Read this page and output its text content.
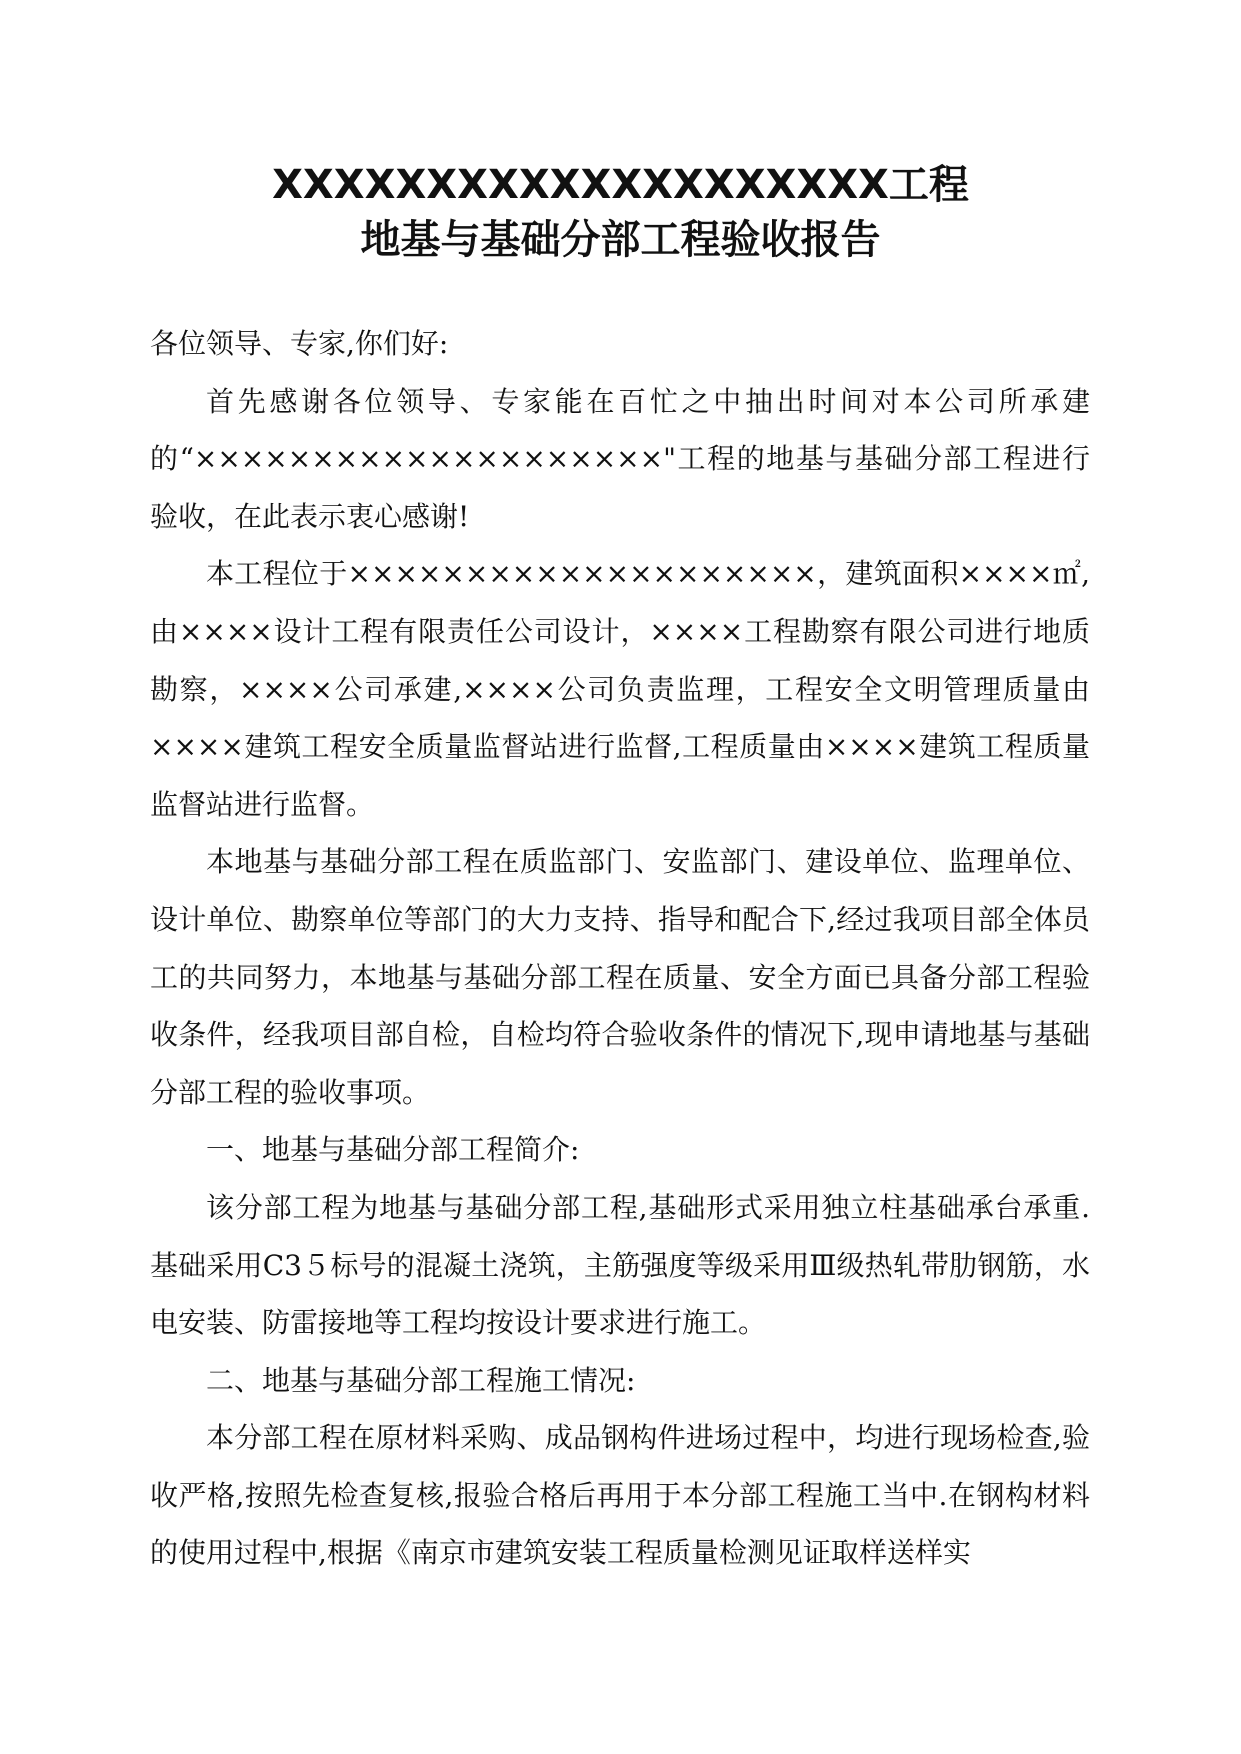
XXXXXXXXXXXXXXXXXXXX工程
地基与基础分部工程验收报告

各位领导、专家,你们好:

首先感谢各位领导、专家能在百忙之中抽出时间对本公司所承建的“××××××××××××××××××××"工程的地基与基础分部工程进行验收，在此表示衷心感谢!

本工程位于××××××××××××××××××××，建筑面积××××㎡,由××××设计工程有限责任公司设计，××××工程勘察有限公司进行地质勘察，××××公司承建,××××公司负责监理，工程安全文明管理质量由××××建筑工程安全质量监督站进行监督,工程质量由××××建筑工程质量监督站进行监督。

本地基与基础分部工程在质监部门、安监部门、建设单位、监理单位、设计单位、勘察单位等部门的大力支持、指导和配合下,经过我项目部全体员工的共同努力，本地基与基础分部工程在质量、安全方面已具备分部工程验收条件，经我项目部自检，自检均符合验收条件的情况下,现申请地基与基础分部工程的验收事项。

一、地基与基础分部工程简介:

该分部工程为地基与基础分部工程,基础形式采用独立柱基础承台承重.基础采用C3５标号的混凝土浇筑，主筋强度等级采用Ⅲ级热轧带肋钢筋，水电安装、防雷接地等工程均按设计要求进行施工。

二、地基与基础分部工程施工情况:

本分部工程在原材料采购、成品钢构件进场过程中，均进行现场检查,验收严格,按照先检查复核,报验合格后再用于本分部工程施工当中.在钢构材料的使用过程中,根据《南京市建筑安装工程质量检测见证取样送样实
